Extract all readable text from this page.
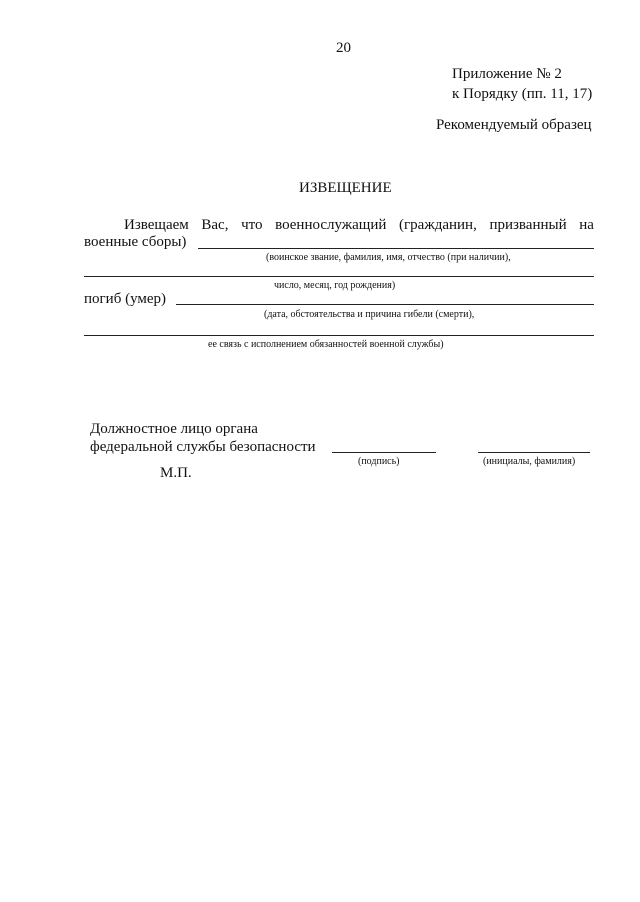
20
Приложение № 2
к Порядку (пп. 11, 17)
Рекомендуемый образец
ИЗВЕЩЕНИЕ
Извещаем Вас, что военнослужащий (гражданин, призванный на
военные сборы)
(воинское звание, фамилия, имя, отчество (при наличии),
число, месяц, год рождения)
погиб (умер)
(дата, обстоятельства и причина гибели (смерти),
ее связь с исполнением обязанностей военной службы)
Должностное лицо органа
федеральной службы безопасности
(подпись)	(инициалы, фамилия)
М.П.
